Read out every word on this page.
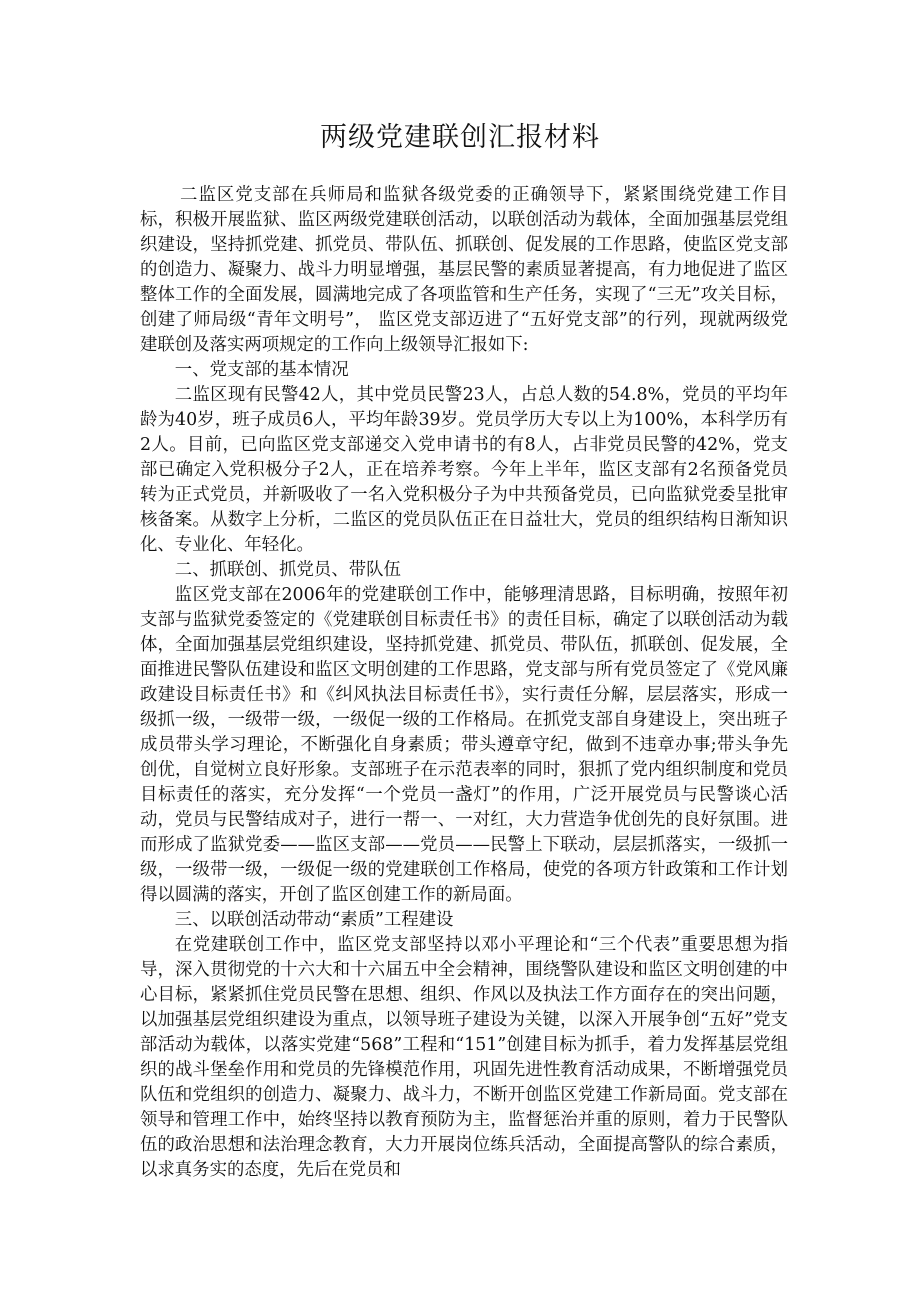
两级党建联创汇报材料

二监区党支部在兵师局和监狱各级党委的正确领导下，紧紧围绕党建工作目标，积极开展监狱、监区两级党建联创活动，以联创活动为载体，全面加强基层党组织建设，坚持抓党建、抓党员、带队伍、抓联创、促发展的工作思路，使监区党支部的创造力、凝聚力、战斗力明显增强，基层民警的素质显著提高，有力地促进了监区整体工作的全面发展，圆满地完成了各项监管和生产任务，实现了“三无”攻关目标，创建了师局级“青年文明号”， 监区党支部迈进了“五好党支部”的行列，现就两级党建联创及落实两项规定的工作向上级领导汇报如下:

一、党支部的基本情况

二监区现有民警42人，其中党员民警23人，占总人数的54.8%，党员的平均年龄为40岁，班子成员6人，平均年龄39岁。党员学历大专以上为100%，本科学历有2人。目前，已向监区党支部递交入党申请书的有8人，占非党员民警的42%，党支部已确定入党积极分子2人，正在培养考察。今年上半年，监区支部有2名预备党员转为正式党员，并新吸收了一名入党积极分子为中共预备党员，已向监狱党委呈批审核备案。从数字上分析，二监区的党员队伍正在日益壮大，党员的组织结构日渐知识化、专业化、年轻化。

二、抓联创、抓党员、带队伍

监区党支部在2006年的党建联创工作中，能够理清思路，目标明确，按照年初支部与监狱党委签定的《党建联创目标责任书》的责任目标，确定了以联创活动为载体，全面加强基层党组织建设，坚持抓党建、抓党员、带队伍，抓联创、促发展，全面推进民警队伍建设和监区文明创建的工作思路，党支部与所有党员签定了《党风廉政建设目标责任书》和《纠风执法目标责任书》，实行责任分解，层层落实，形成一级抓一级，一级带一级，一级促一级的工作格局。在抓党支部自身建设上，突出班子成员带头学习理论，不断强化自身素质；带头遵章守纪，做到不违章办事;带头争先创优，自觉树立良好形象。支部班子在示范表率的同时，狠抓了党内组织制度和党员目标责任的落实，充分发挥“一个党员一盏灯”的作用，广泛开展党员与民警谈心活动，党员与民警结成对子，进行一帮一、一对红，大力营造争优创先的良好氛围。进而形成了监狱党委——监区支部——党员——民警上下联动，层层抓落实，一级抓一级，一级带一级，一级促一级的党建联创工作格局，使党的各项方针政策和工作计划得以圆满的落实，开创了监区创建工作的新局面。

三、以联创活动带动“素质”工程建设

在党建联创工作中，监区党支部坚持以邓小平理论和“三个代表”重要思想为指导，深入贯彻党的十六大和十六届五中全会精神，围绕警队建设和监区文明创建的中心目标，紧紧抓住党员民警在思想、组织、作风以及执法工作方面存在的突出问题，以加强基层党组织建设为重点，以领导班子建设为关键，以深入开展争创“五好”党支部活动为载体，以落实党建“568”工程和“151”创建目标为抓手，着力发挥基层党组织的战斗堡垒作用和党员的先锋模范作用，巩固先进性教育活动成果，不断增强党员队伍和党组织的创造力、凝聚力、战斗力，不断开创监区党建工作新局面。党支部在领导和管理工作中，始终坚持以教育预防为主，监督惩治并重的原则，着力于民警队伍的政治思想和法治理念教育，大力开展岗位练兵活动，全面提高警队的综合素质，以求真务实的态度，先后在党员和
